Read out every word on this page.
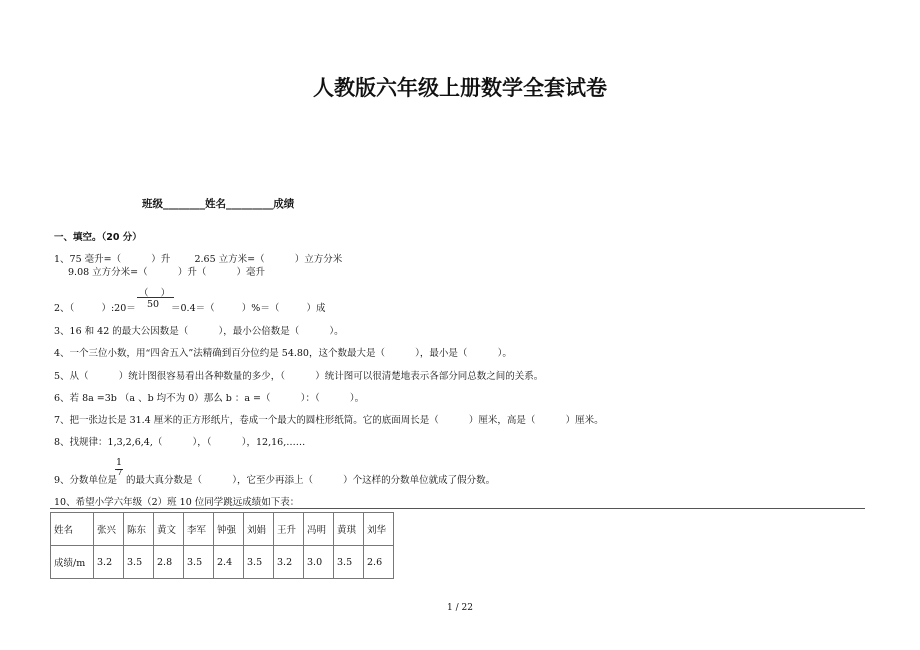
人教版六年级上册数学全套试卷
班级________姓名_________成绩
一、填空。（20 分）
1、75 毫升=（          ）升        2.65 立方米=（          ）立方分米
9.08 立方分米=（          ）升（          ）毫升
2、（         ）:20＝
（    ）
50 ＝0.4＝（         ）%＝（         ）成
3、16 和 42 的最大公因数是（          ），最小公倍数是（          ）。
4、一个三位小数，用“四舍五入”法精确到百分位约是 54.80，这个数最大是（          ），最小是（          ）。
5、从（          ）统计图很容易看出各种数量的多少，（          ）统计图可以很清楚地表示各部分同总数之间的关系。
6、若 8a =3b （a 、b 均不为 0）那么 b ：a =（          ）：（          ）。
7、把一张边长是 31.4 厘米的正方形纸片，卷成一个最大的圆柱形纸筒。它的底面周长是（          ）厘米，高是（          ）厘米。
8、找规律：1,3,2,6,4,（          ），（          ），12,16,……
9、分数单位是
1
7
的最大真分数是（          ），它至少再添上（          ）个这样的分数单位就成了假分数。
10、希望小学六年级（2）班 10 位同学跳远成绩如下表：
姓名	张兴	陈东	黄文	李军	钟强	刘娟	王升	冯明	黄琪	刘华
成绩/m	3.2	3.5	2.8	3.5	2.4	3.5	3.2	3.0	3.5	2.6
1 / 22
